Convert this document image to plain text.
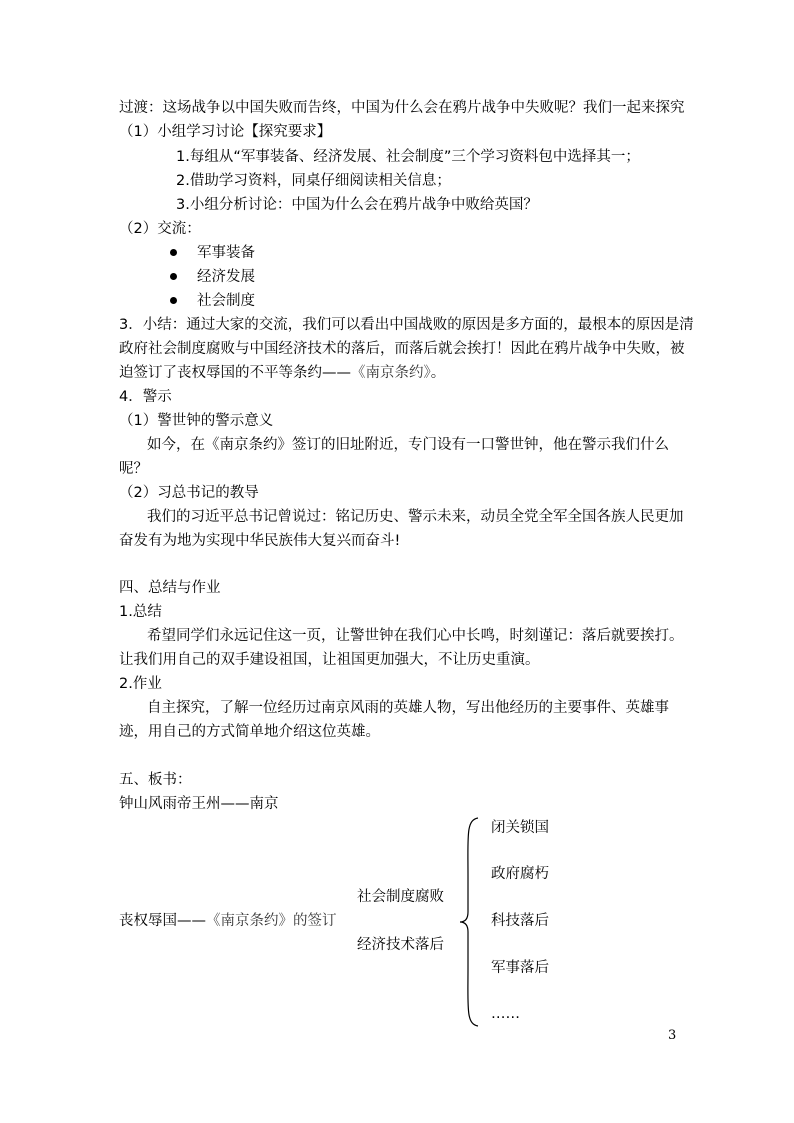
过渡：这场战争以中国失败而告终，中国为什么会在鸦片战争中失败呢？我们一起来探究
（1）小组学习讨论【探究要求】
1.每组从“军事装备、经济发展、社会制度”三个学习资料包中选择其一；
2.借助学习资料，同桌仔细阅读相关信息；
3.小组分析讨论：中国为什么会在鸦片战争中败给英国？
（2）交流：
军事装备
经济发展
社会制度
3．小结：通过大家的交流，我们可以看出中国战败的原因是多方面的，最根本的原因是清
政府社会制度腐败与中国经济技术的落后，而落后就会挨打！因此在鸦片战争中失败，被
迫签订了丧权辱国的不平等条约——《南京条约》。
4．警示
（1）警世钟的警示意义
如今，在《南京条约》签订的旧址附近，专门设有一口警世钟，他在警示我们什么
呢？
（2）习总书记的教导
我们的习近平总书记曾说过：铭记历史、警示未来，动员全党全军全国各族人民更加
奋发有为地为实现中华民族伟大复兴而奋斗!
四、总结与作业
1.总结
希望同学们永远记住这一页，让警世钟在我们心中长鸣，时刻谨记：落后就要挨打。
让我们用自己的双手建设祖国，让祖国更加强大，不让历史重演。
2.作业
自主探究，了解一位经历过南京风雨的英雄人物，写出他经历的主要事件、英雄事
迹，用自己的方式简单地介绍这位英雄。
五、板书：
钟山风雨帝王州——南京
丧权辱国——《南京条约》的签订
社会制度腐败
经济技术落后
闭关锁国
政府腐朽
科技落后
军事落后
……
3
